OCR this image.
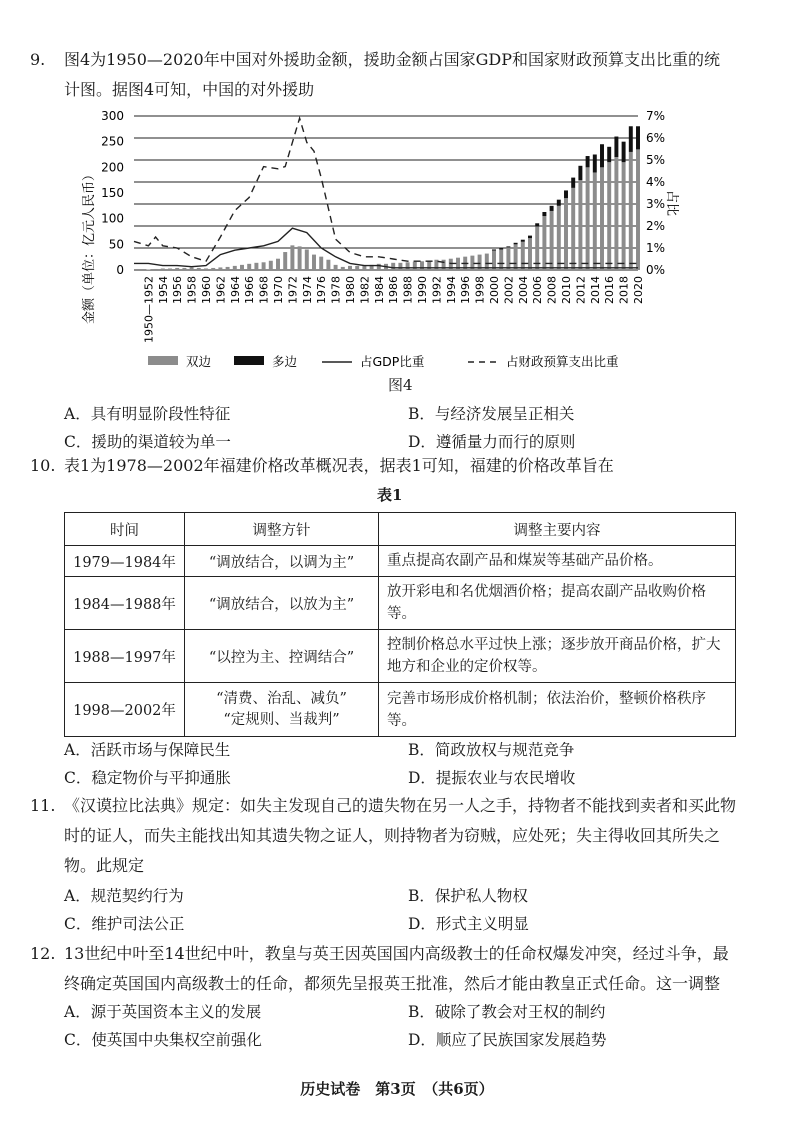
9. 图4为1950—2020年中国对外援助金额，援助金额占国家GDP和国家财政预算支出比重的统
计图。据图4可知，中国的对外援助
0%
1%
2%
3%
4%
5%
6%
7%
0
50
100
150
200
250
300
1950—1952 1954 1956 1958 1960 1962 1964 1966 1968 1970 1972 1974 1976 1978 1980 1982 1984 1986 1988 1990 1992 1994 1996 1998 2000 2002 2004 2006 2008 2010 2012 2014 2016 2018 2020
金额（单位：亿元人民币）	占比
双边	多边	占GDP比重	占财政预算支出比重
图4
A．具有明显阶段性特征	B．与经济发展呈正相关
C．援助的渠道较为单一	D．遵循量力而行的原则
10. 表1为1978—2002年福建价格改革概况表，据表1可知，福建的价格改革旨在
表1
时间	调整方针	调整主要内容
1979—1984年	“调放结合，以调为主”	重点提高农副产品和煤炭等基础产品价格。
1984—1988年	“调放结合，以放为主”	放开彩电和名优烟酒价格；提高农副产品收购价格等。
1988—1997年	“以控为主、控调结合”	控制价格总水平过快上涨；逐步放开商品价格，扩大地方和企业的定价权等。
1998—2002年	“清费、治乱、减负”
“定规则、当裁判”	完善市场形成价格机制；依法治价，整顿价格秩序等。
A．活跃市场与保障民生	B．简政放权与规范竞争
C．稳定物价与平抑通胀	D．提振农业与农民增收
11. 《汉谟拉比法典》规定：如失主发现自己的遗失物在另一人之手，持物者不能找到卖者和买此物
时的证人，而失主能找出知其遗失物之证人，则持物者为窃贼，应处死；失主得收回其所失之
物。此规定
A．规范契约行为	B．保护私人物权
C．维护司法公正	D．形式主义明显
12. 13世纪中叶至14世纪中叶，教皇与英王因英国国内高级教士的任命权爆发冲突，经过斗争，最
终确定英国国内高级教士的任命，都须先呈报英王批准，然后才能由教皇正式任命。这一调整
A．源于英国资本主义的发展	B．破除了教会对王权的制约
C．使英国中央集权空前强化	D．顺应了民族国家发展趋势
历史试卷　第3页　（共6页）
